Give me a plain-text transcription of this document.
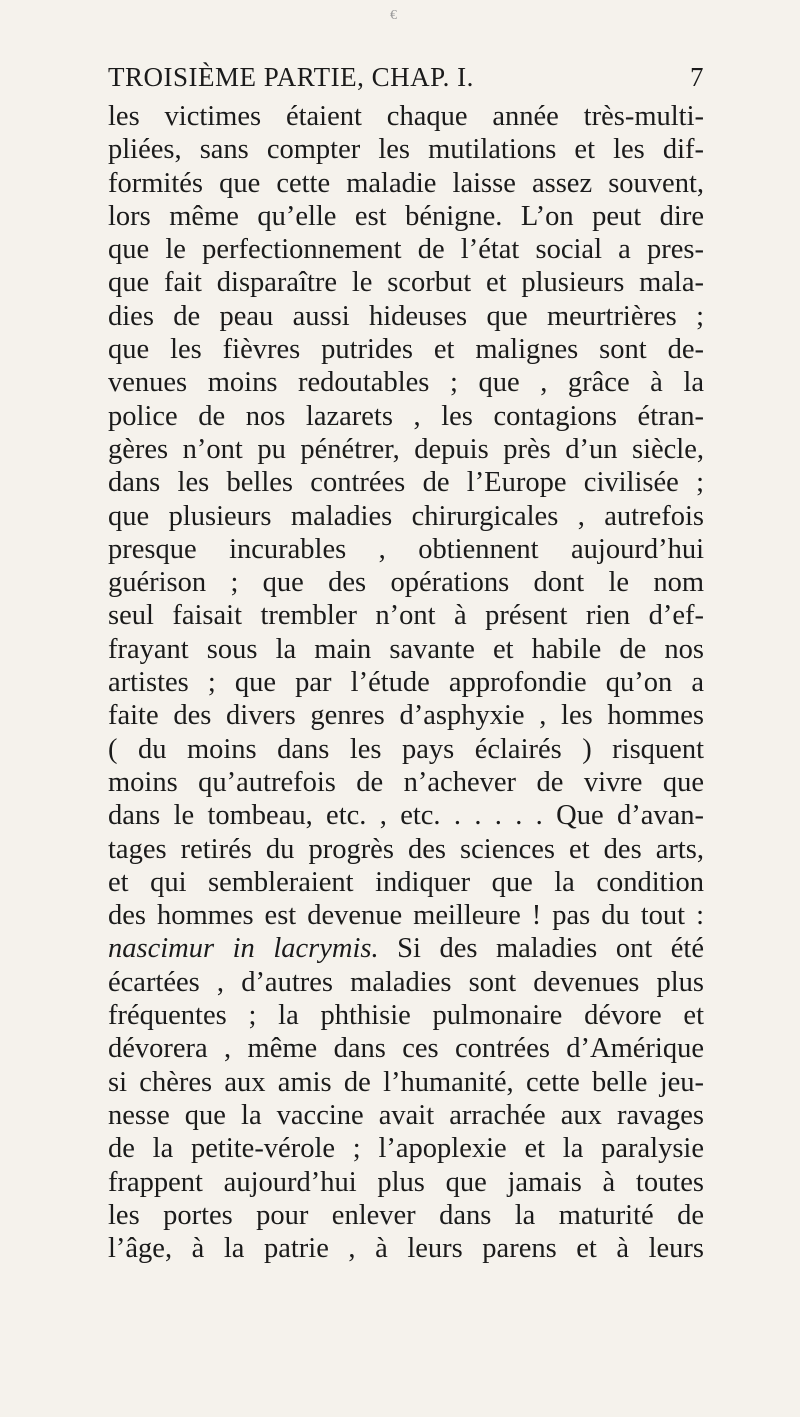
€
TROISIÈME PARTIE, CHAP. I.	7
les victimes étaient chaque année très-multi-
pliées, sans compter les mutilations et les dif-
formités que cette maladie laisse assez souvent,
lors même qu’elle est bénigne. L’on peut dire
que le perfectionnement de l’état social a pres-
que fait disparaître le scorbut et plusieurs mala-
dies de peau aussi hideuses que meurtrières ;
que les fièvres putrides et malignes sont de-
venues moins redoutables ; que , grâce à la
police de nos lazarets , les contagions étran-
gères n’ont pu pénétrer, depuis près d’un siècle,
dans les belles contrées de l’Europe civilisée ;
que plusieurs maladies chirurgicales , autrefois
presque incurables , obtiennent aujourd’hui
guérison ; que des opérations dont le nom
seul faisait trembler n’ont à présent rien d’ef-
frayant sous la main savante et habile de nos
artistes ; que par l’étude approfondie qu’on a
faite des divers genres d’asphyxie , les hommes
( du moins dans les pays éclairés ) risquent
moins qu’autrefois de n’achever de vivre que
dans le tombeau, etc. , etc. . . . . . Que d’avan-
tages retirés du progrès des sciences et des arts,
et qui sembleraient indiquer que la condition
des hommes est devenue meilleure ! pas du tout :
nascimur in lacrymis. Si des maladies ont été
écartées , d’autres maladies sont devenues plus
fréquentes ; la phthisie pulmonaire dévore et
dévorera , même dans ces contrées d’Amérique
si chères aux amis de l’humanité, cette belle jeu-
nesse que la vaccine avait arrachée aux ravages
de la petite-vérole ; l’apoplexie et la paralysie
frappent aujourd’hui plus que jamais à toutes
les portes pour enlever dans la maturité de
l’âge, à la patrie , à leurs parens et à leurs
